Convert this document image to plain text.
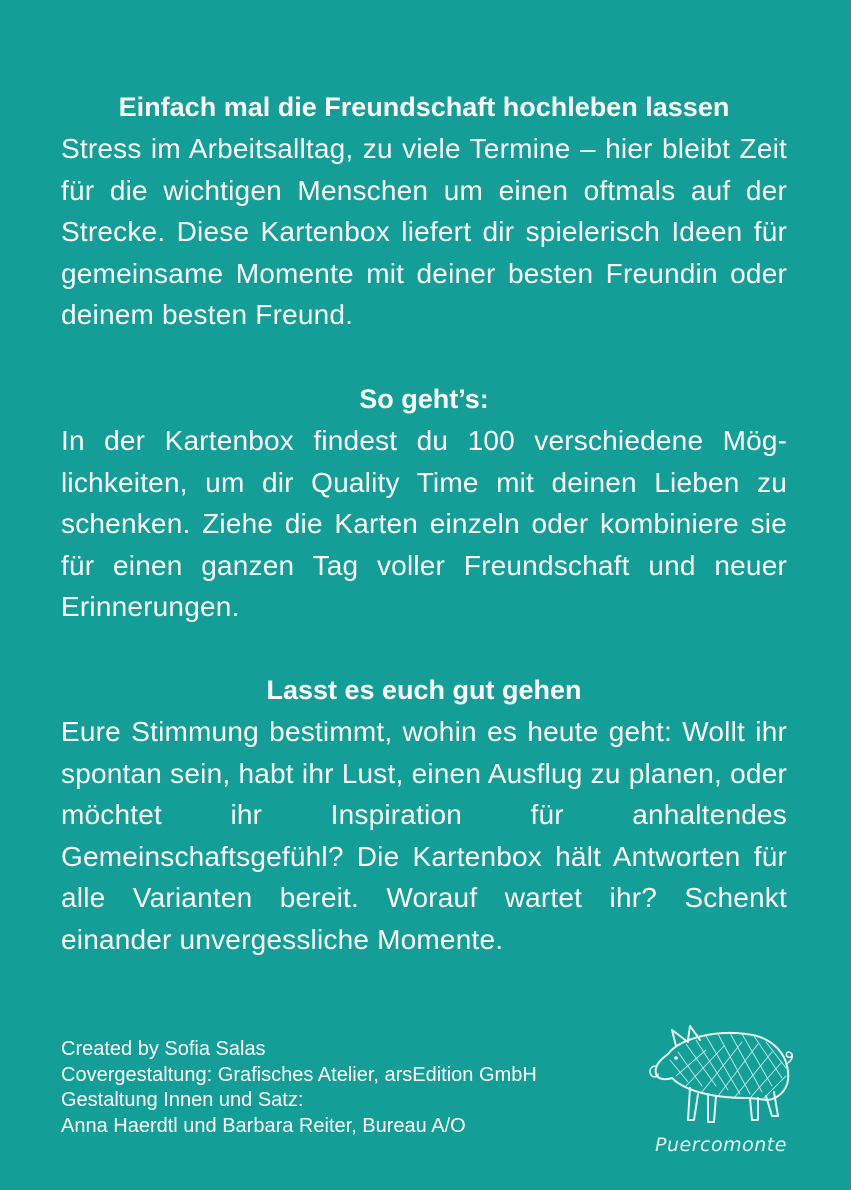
Einfach mal die Freundschaft hochleben lassen

Stress im Arbeitsalltag, zu viele Termine – hier bleibt Zeit für die wichtigen Menschen um einen oftmals auf der Strecke. Diese Kartenbox liefert dir spielerisch Ideen für gemeinsame Momente mit deiner besten Freundin oder deinem besten Freund.

So geht’s:

In der Kartenbox findest du 100 verschiedene Möglichkeiten, um dir Quality Time mit deinen Lieben zu schenken. Ziehe die Karten einzeln oder kombiniere sie für einen ganzen Tag voller Freundschaft und neuer Erinnerungen.

Lasst es euch gut gehen

Eure Stimmung bestimmt, wohin es heute geht: Wollt ihr spontan sein, habt ihr Lust, einen Ausflug zu planen, oder möchtet ihr Inspiration für anhaltendes Gemeinschaftsgefühl? Die Kartenbox hält Antworten für alle Varianten bereit. Worauf wartet ihr? Schenkt einander unvergessliche Momente.

Created by Sofia Salas
Covergestaltung: Grafisches Atelier, arsEdition GmbH
Gestaltung Innen und Satz:
Anna Haerdtl und Barbara Reiter, Bureau A/O
Puercomonte
